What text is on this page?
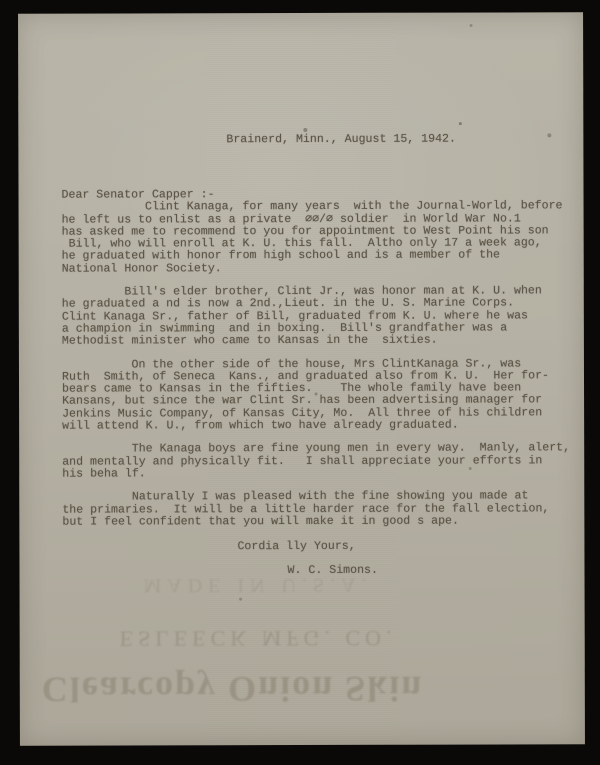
Brainerd, Minn., August 15, 1942.
Dear Senator Capper :-
Clint Kanaga, for many years  with the Journal-World, before
he left us to enlist as a private  ∅∅/∅ soldier  in World War No.1
has asked me to recommend to you for appointment to West Point his son
Bill, who will enroll at K. U. this fall.  Altho only 17 a week ago,
he graduated with honor from high school and is a member of the
National Honor Society.
Bill's elder brother, Clint Jr., was honor man at K. U. when
he graduated a nd is now a 2nd.,Lieut. in the U. S. Marine Corps.
Clint Kanaga Sr., father of Bill, graduated from K. U. where he was
a champion in swimming  and in boxing.  Bill's grandfather was a
Methodist minister who came to Kansas in the  sixties.
On the other side of the house, Mrs ClintKanaga Sr., was
Ruth  Smith, of Seneca  Kans., and graduated also from K. U.  Her for-
bears came to Kansas in the fifties.    The whole family have been
Kansans, but since the war Clint Sr. has been advertising manager for
Jenkins Music Company, of Kansas City, Mo.  All three of his children
will attend K. U., from which two have already graduated.
The Kanaga boys are fine young men in every way.  Manly, alert,
and mentally and physically fit.   I shall appreciate your efforts in
his beha lf.
Naturally I was pleased with the fine showing you made at
the primaries.  It will be a little harder race for the fall election,
but I feel confident that you will make it in good s ape.
Cordia lly Yours,
W. C. Simons.
MADE IN U.S.A.
ESLEECK MFG. CO.
Clearcopy Onion Skin
